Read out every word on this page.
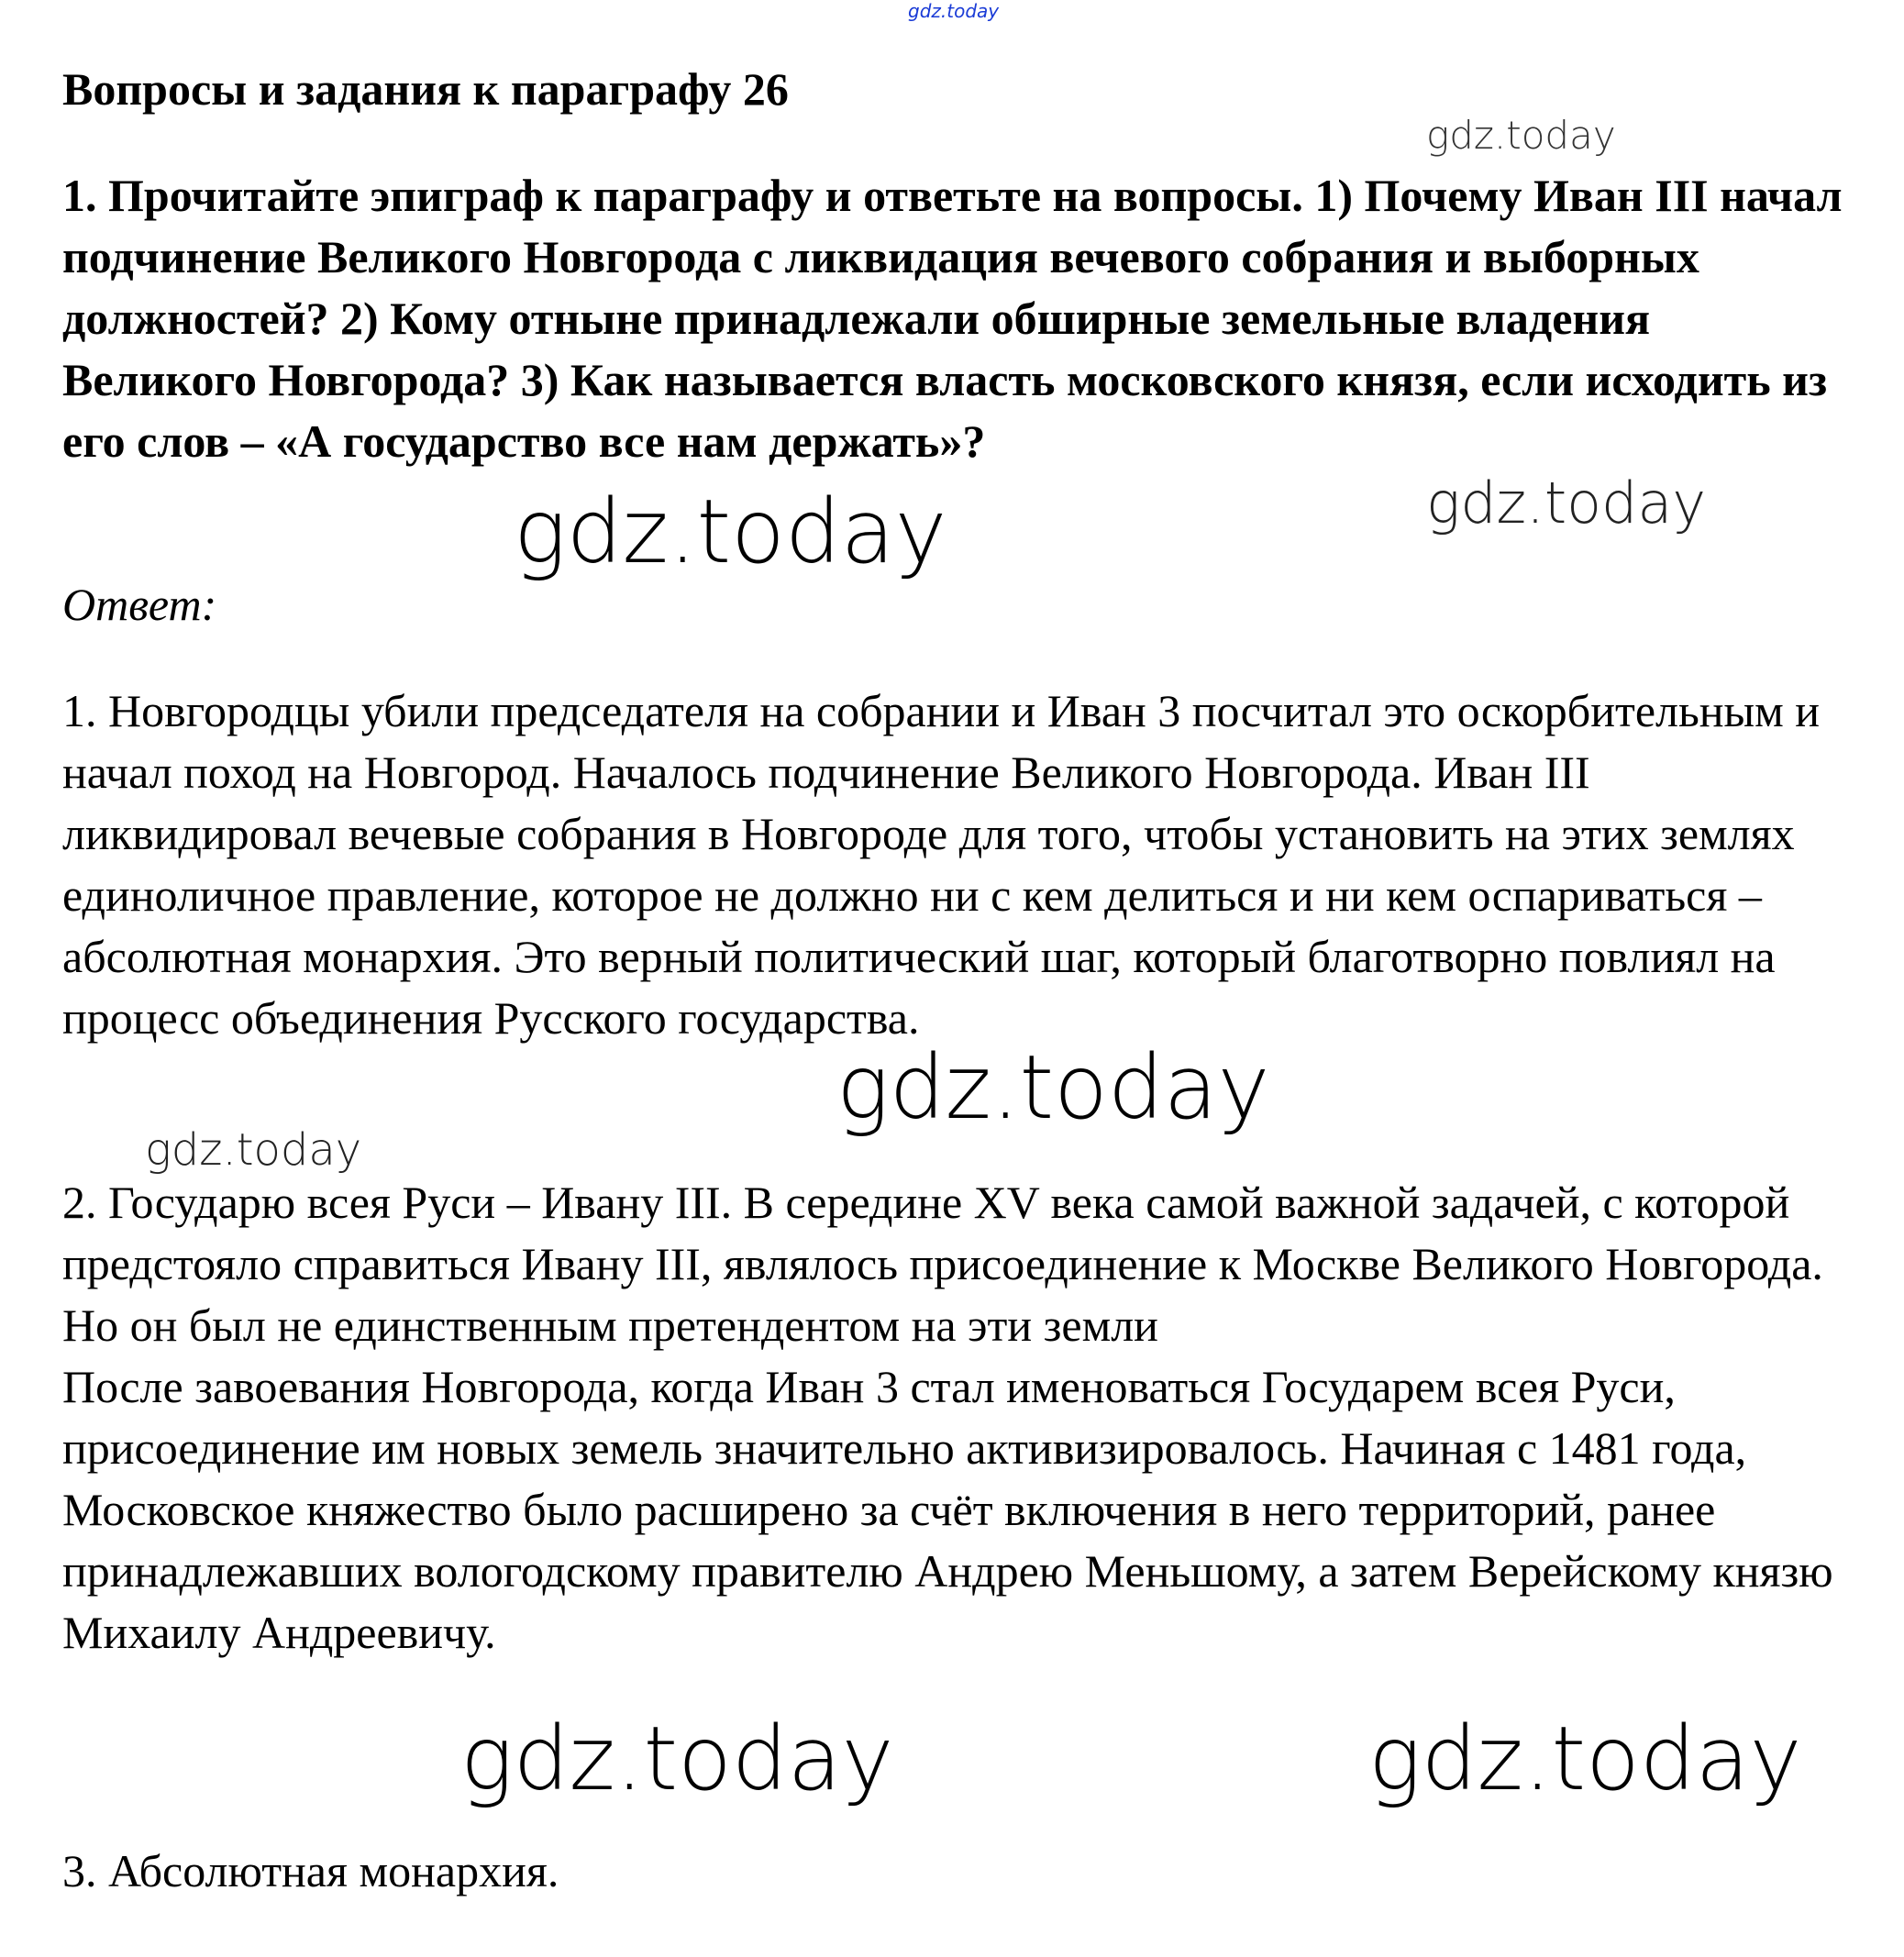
gdz.today
Вопросы и задания к параграфу 26
gdz.today
1. Прочитайте эпиграф к параграфу и ответьте на вопросы. 1) Почему Иван III начал подчинение Великого Новгорода с ликвидация вечевого собрания и выборных должностей? 2) Кому отныне принадлежали обширные земельные владения Великого Новгорода? 3) Как называется власть московского князя, если исходить из его слов – «А государство все нам держать»?
gdz.today
gdz.today
Ответ:
1. Новгородцы убили председателя на собрании и Иван 3 посчитал это оскорбительным и начал поход на Новгород. Началось подчинение Великого Новгорода. Иван III ликвидировал вечевые собрания в Новгороде для того, чтобы установить на этих землях единоличное правление, которое не должно ни с кем делиться и ни кем оспариваться – абсолютная монархия. Это верный политический шаг, который благотворно повлиял на процесс объединения Русского государства.
gdz.today
gdz.today
2. Государю всея Руси – Ивану III. В середине XV века самой важной задачей, с которой предстояло справиться Ивану III, являлось присоединение к Москве Великого Новгорода. Но он был не единственным претендентом на эти земли
После завоевания Новгорода, когда Иван 3 стал именоваться Государем всея Руси, присоединение им новых земель значительно активизировалось. Начиная с 1481 года, Московское княжество было расширено за счёт включения в него территорий, ранее принадлежавших вологодскому правителю Андрею Меньшому, а затем Верейскому князю Михаилу Андреевичу.
gdz.today	gdz.today
3. Абсолютная монархия.
